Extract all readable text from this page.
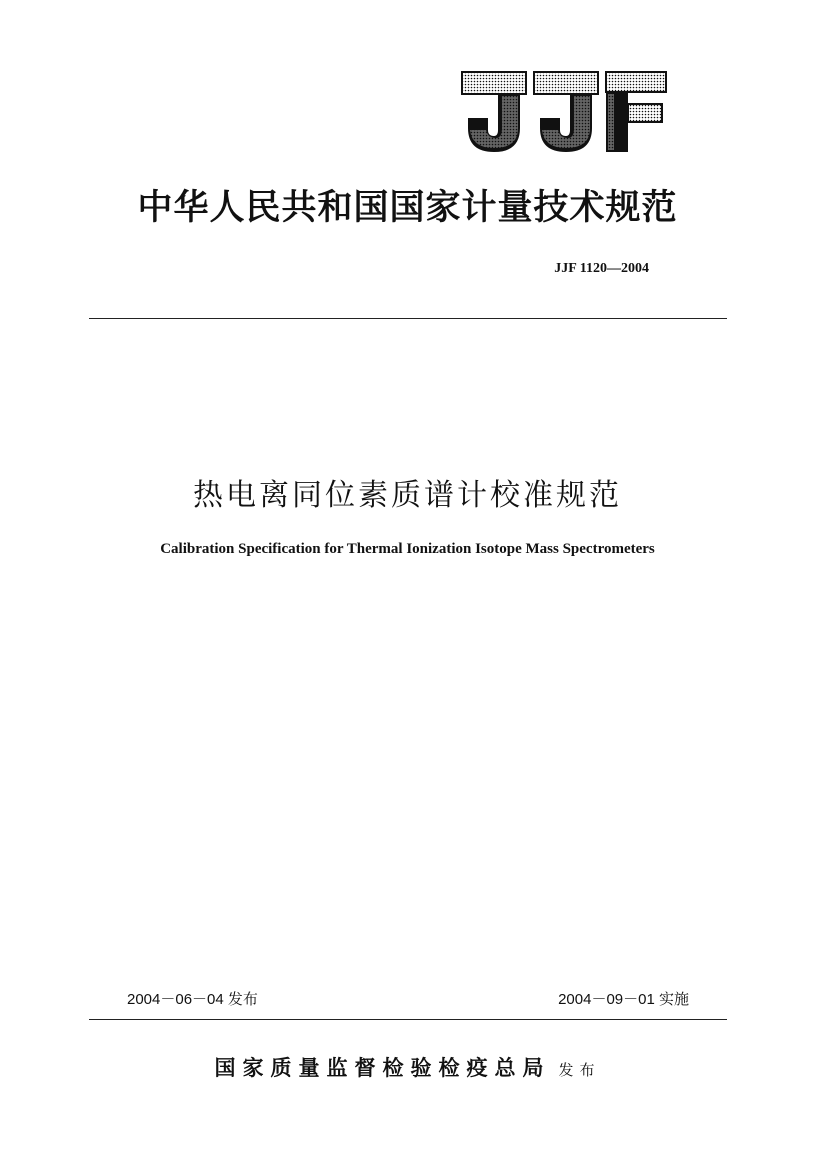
中华人民共和国国家计量技术规范
JJF 1120—2004
热电离同位素质谱计校准规范
Calibration Specification for Thermal Ionization Isotope Mass Spectrometers
2004－06－04 发布	2004－09－01 实施
国家质量监督检验检疫总局 发布
